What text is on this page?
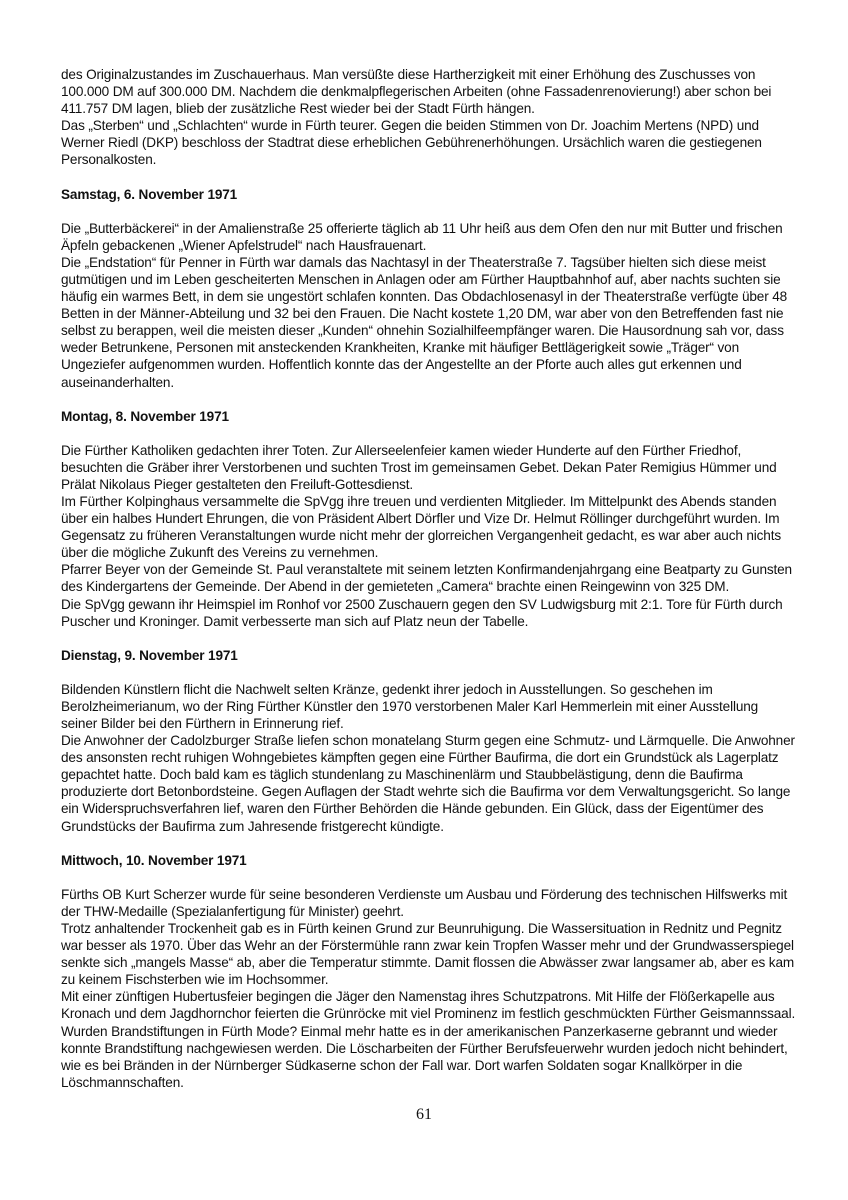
des Originalzustandes im Zuschauerhaus. Man versüßte diese Hartherzigkeit mit einer Erhöhung des Zuschusses von 100.000 DM auf 300.000 DM. Nachdem die denkmalpflegerischen Arbeiten (ohne Fassadenrenovierung!) aber schon bei 411.757 DM lagen, blieb der zusätzliche Rest wieder bei der Stadt Fürth hängen.

Das „Sterben“ und „Schlachten“ wurde in Fürth teurer. Gegen die beiden Stimmen von Dr. Joachim Mertens (NPD) und Werner Riedl (DKP) beschloss der Stadtrat diese erheblichen Gebührenerhöhungen. Ursächlich waren die gestiegenen Personalkosten.

Samstag, 6. November 1971

Die „Butterbäckerei“ in der Amalienstraße 25 offerierte täglich ab 11 Uhr heiß aus dem Ofen den nur mit Butter und frischen Äpfeln gebackenen „Wiener Apfelstrudel“ nach Hausfrauenart.

Die „Endstation“ für Penner in Fürth war damals das Nachtasyl in der Theaterstraße 7. Tagsüber hielten sich diese meist gutmütigen und im Leben gescheiterten Menschen in Anlagen oder am Fürther Hauptbahnhof auf, aber nachts suchten sie häufig ein warmes Bett, in dem sie ungestört schlafen konnten. Das Obdachlosenasyl in der Theaterstraße verfügte über 48 Betten in der Männer-Abteilung und 32 bei den Frauen. Die Nacht kostete 1,20 DM, war aber von den Betreffenden fast nie selbst zu berappen, weil die meisten dieser „Kunden“ ohnehin Sozialhilfeempfänger waren. Die Hausordnung sah vor, dass weder Betrunkene, Personen mit ansteckenden Krankheiten, Kranke mit häufiger Bettlägerigkeit sowie „Träger“ von Ungeziefer aufgenommen wurden. Hoffentlich konnte das der Angestellte an der Pforte auch alles gut erkennen und auseinanderhalten.

Montag, 8. November 1971

Die Fürther Katholiken gedachten ihrer Toten. Zur Allerseelenfeier kamen wieder Hunderte auf den Fürther Friedhof, besuchten die Gräber ihrer Verstorbenen und suchten Trost im gemeinsamen Gebet. Dekan Pater Remigius Hümmer und Prälat Nikolaus Pieger gestalteten den Freiluft-Gottesdienst.

Im Fürther Kolpinghaus versammelte die SpVgg ihre treuen und verdienten Mitglieder. Im Mittelpunkt des Abends standen über ein halbes Hundert Ehrungen, die von Präsident Albert Dörfler und Vize Dr. Helmut Röllinger durchgeführt wurden. Im Gegensatz zu früheren Veranstaltungen wurde nicht mehr der glorreichen Vergangenheit gedacht, es war aber auch nichts über die mögliche Zukunft des Vereins zu vernehmen.

Pfarrer Beyer von der Gemeinde St. Paul veranstaltete mit seinem letzten Konfirmandenjahrgang eine Beatparty zu Gunsten des Kindergartens der Gemeinde. Der Abend in der gemieteten „Camera“ brachte einen Reingewinn von 325 DM.

Die SpVgg gewann ihr Heimspiel im Ronhof vor 2500 Zuschauern gegen den SV Ludwigsburg mit 2:1. Tore für Fürth durch Puscher und Kroninger. Damit verbesserte man sich auf Platz neun der Tabelle.

Dienstag, 9. November 1971

Bildenden Künstlern flicht die Nachwelt selten Kränze, gedenkt ihrer jedoch in Ausstellungen. So geschehen im Berolzheimerianum, wo der Ring Fürther Künstler den 1970 verstorbenen Maler Karl Hemmerlein mit einer Ausstellung seiner Bilder bei den Fürthern in Erinnerung rief.

Die Anwohner der Cadolzburger Straße liefen schon monatelang Sturm gegen eine Schmutz- und Lärmquelle. Die Anwohner des ansonsten recht ruhigen Wohngebietes kämpften gegen eine Fürther Baufirma, die dort ein Grundstück als Lagerplatz gepachtet hatte. Doch bald kam es täglich stundenlang zu Maschinenlärm und Staubbelästigung, denn die Baufirma produzierte dort Betonbordsteine. Gegen Auflagen der Stadt wehrte sich die Baufirma vor dem Verwaltungsgericht. So lange ein Widerspruchsverfahren lief, waren den Fürther Behörden die Hände gebunden. Ein Glück, dass der Eigentümer des Grundstücks der Baufirma zum Jahresende fristgerecht kündigte.

Mittwoch, 10. November 1971

Fürths OB Kurt Scherzer wurde für seine besonderen Verdienste um Ausbau und Förderung des technischen Hilfswerks mit der THW-Medaille (Spezialanfertigung für Minister) geehrt.

Trotz anhaltender Trockenheit gab es in Fürth keinen Grund zur Beunruhigung. Die Wassersituation in Rednitz und Pegnitz war besser als 1970. Über das Wehr an der Förstermühle rann zwar kein Tropfen Wasser mehr und der Grundwasserspiegel senkte sich „mangels Masse“ ab, aber die Temperatur stimmte. Damit flossen die Abwässer zwar langsamer ab, aber es kam zu keinem Fischsterben wie im Hochsommer.

Mit einer zünftigen Hubertusfeier begingen die Jäger den Namenstag ihres Schutzpatrons. Mit Hilfe der Flößerkapelle aus Kronach und dem Jagdhornchor feierten die Grünröcke mit viel Prominenz im festlich geschmückten Fürther Geismannssaal.

Wurden Brandstiftungen in Fürth Mode? Einmal mehr hatte es in der amerikanischen Panzerkaserne gebrannt und wieder konnte Brandstiftung nachgewiesen werden. Die Löscharbeiten der Fürther Berufsfeuerwehr wurden jedoch nicht behindert, wie es bei Bränden in der Nürnberger Südkaserne schon der Fall war. Dort warfen Soldaten sogar Knallkörper in die Löschmannschaften.

61
